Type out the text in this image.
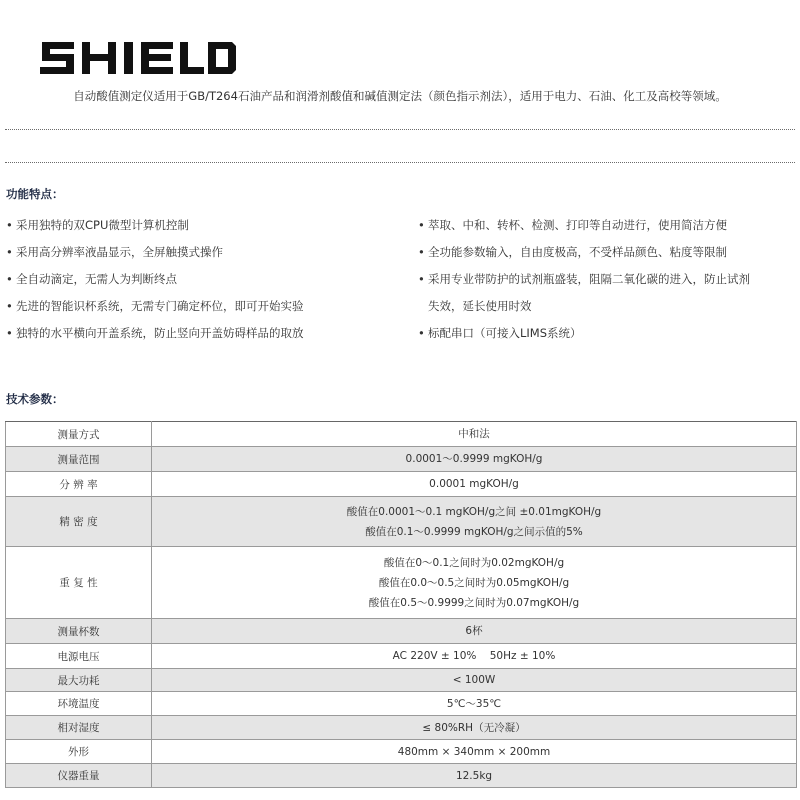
自动酸值测定仪适用于GB/T264石油产品和润滑剂酸值和碱值测定法（颜色指示剂法），适用于电力、石油、化工及高校等领域。
功能特点：
• 采用独特的双CPU微型计算机控制
• 采用高分辨率液晶显示，全屏触摸式操作
• 全自动滴定，无需人为判断终点
• 先进的智能识杯系统，无需专门确定杯位，即可开始实验
• 独特的水平横向开盖系统，防止竖向开盖妨碍样品的取放
• 萃取、中和、转杯、检测、打印等自动进行，使用简洁方便
• 全功能参数输入，自由度极高，不受样品颜色、粘度等限制
• 采用专业带防护的试剂瓶盛装，阻隔二氧化碳的进入，防止试剂
失效，延长使用时效
• 标配串口（可接入LIMS系统）
技术参数：
测量方式	中和法

测量范围	0.0001～0.9999 mgKOH/g

分 辨 率	0.0001 mgKOH/g

精 密 度	酸值在0.0001～0.1 mgKOH/g之间 ±0.01mgKOH/g
酸值在0.1～0.9999 mgKOH/g之间示值的5%

重 复 性	酸值在0～0.1之间时为0.02mgKOH/g
酸值在0.0～0.5之间时为0.05mgKOH/g
酸值在0.5～0.9999之间时为0.07mgKOH/g

测量杯数	6杯

电源电压	AC 220V ± 10%    50Hz ± 10%

最大功耗	< 100W

环境温度	5℃～35℃

相对湿度	≤ 80%RH（无冷凝）

外形	480mm × 340mm × 200mm

仪器重量	12.5kg
